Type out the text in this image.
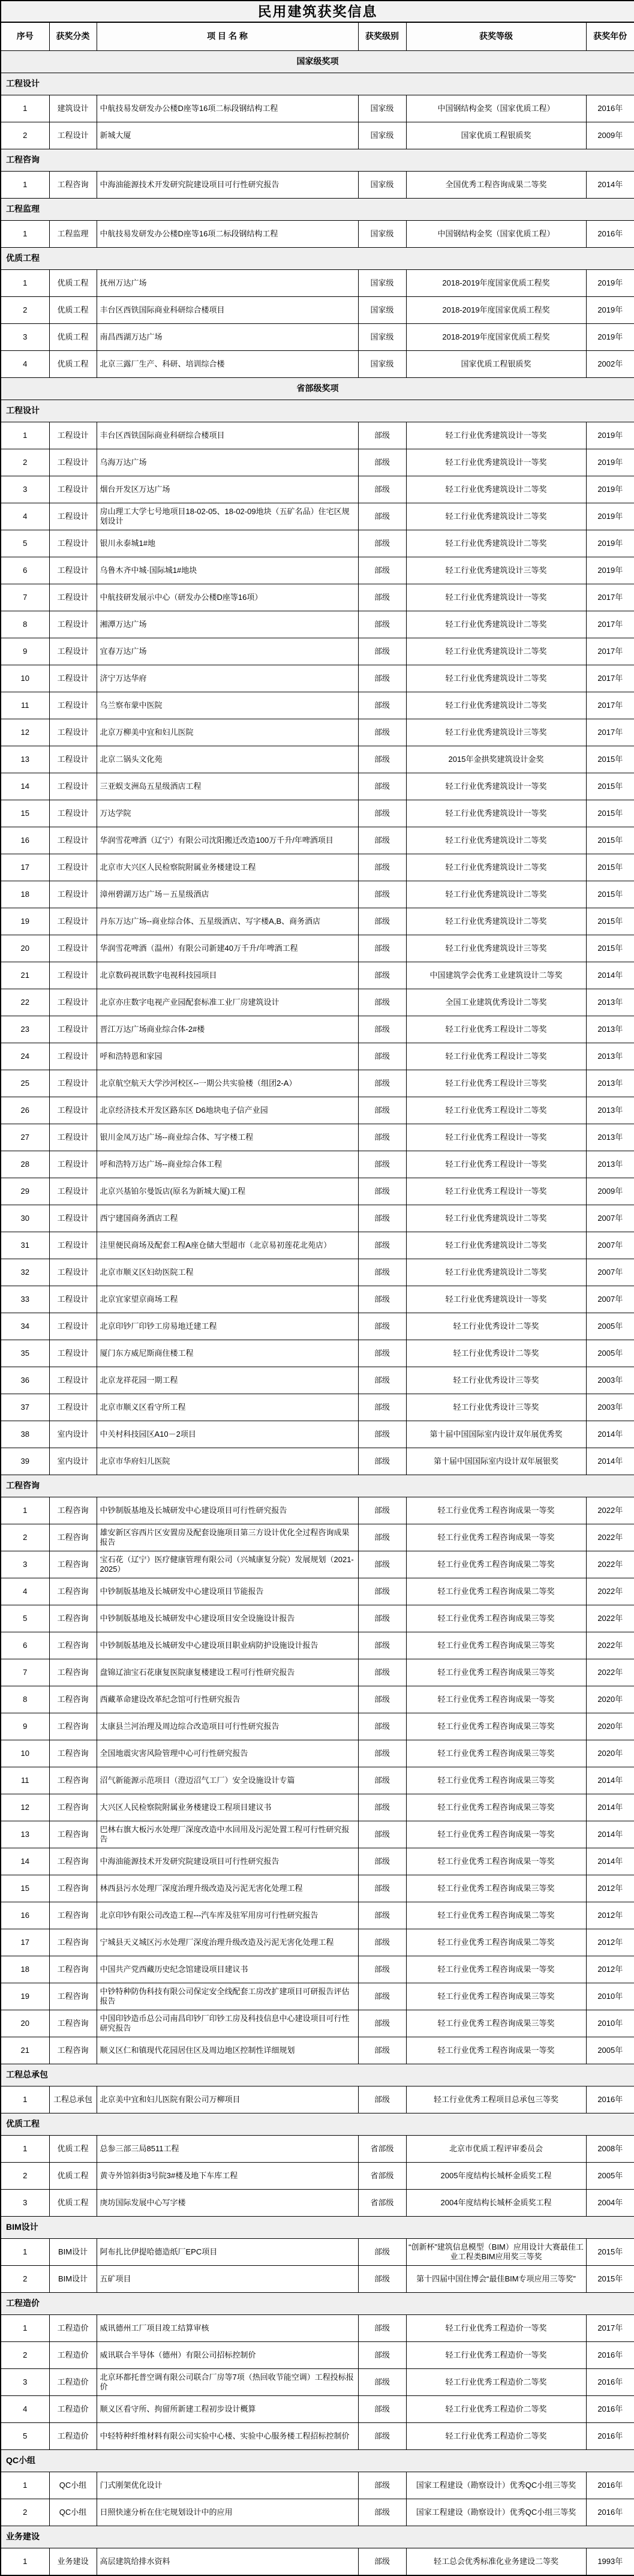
民用建筑获奖信息					
序号	获奖分类	项 目 名 称	获奖级别	获奖等级	获奖年份
国家级奖项					
工程设计					
1	建筑设计	中航技易发研发办公楼D座等16项二标段钢结构工程	国家级	中国钢结构金奖（国家优质工程）	2016年
2	工程设计	新城大厦	国家级	国家优质工程银质奖	2009年
工程咨询					
1	工程咨询	中海油能源技术开发研究院建设项目可行性研究报告	国家级	全国优秀工程咨询成果二等奖	2014年
工程监理					
1	工程监理	中航技易发研发办公楼D座等16项二标段钢结构工程	国家级	中国钢结构金奖（国家优质工程）	2016年
优质工程					
1	优质工程	抚州万达广场	国家级	2018-2019年度国家优质工程奖	2019年
2	优质工程	丰台区西铁国际商业科研综合楼项目	国家级	2018-2019年度国家优质工程奖	2019年
3	优质工程	南昌西湖万达广场	国家级	2018-2019年度国家优质工程奖	2019年
4	优质工程	北京三露厂生产、科研、培训综合楼	国家级	国家优质工程银质奖	2002年
省部级奖项					
工程设计					
1	工程设计	丰台区西铁国际商业科研综合楼项目	部级	轻工行业优秀建筑设计一等奖	2019年
2	工程设计	乌海万达广场	部级	轻工行业优秀建筑设计一等奖	2019年
3	工程设计	烟台开发区万达广场	部级	轻工行业优秀建筑设计二等奖	2019年
4	工程设计	房山理工大学七号地项目18-02-05、18-02-09地块（五矿名品）住宅区规划设计	部级	轻工行业优秀建筑设计二等奖	2019年
5	工程设计	银川永泰城1#地	部级	轻工行业优秀建筑设计二等奖	2019年
6	工程设计	乌鲁木齐中城·国际城1#地块	部级	轻工行业优秀建筑设计三等奖	2019年
7	工程设计	中航技研发展示中心（研发办公楼D座等16项）	部级	轻工行业优秀建筑设计一等奖	2017年
8	工程设计	湘潭万达广场	部级	轻工行业优秀建筑设计二等奖	2017年
9	工程设计	宜春万达广场	部级	轻工行业优秀建筑设计二等奖	2017年
10	工程设计	济宁万达华府	部级	轻工行业优秀建筑设计二等奖	2017年
11	工程设计	乌兰察布蒙中医院	部级	轻工行业优秀建筑设计二等奖	2017年
12	工程设计	北京万柳美中宜和妇儿医院	部级	轻工行业优秀建筑设计三等奖	2017年
13	工程设计	北京二锅头文化苑	部级	2015年金拱奖建筑设计金奖	2015年
14	工程设计	三亚蜈支洲岛五星级酒店工程	部级	轻工行业优秀建筑设计一等奖	2015年
15	工程设计	万达学院	部级	轻工行业优秀建筑设计一等奖	2015年
16	工程设计	华润雪花啤酒（辽宁）有限公司沈阳搬迁改造100万千升/年啤酒项目	部级	轻工行业优秀建筑设计二等奖	2015年
17	工程设计	北京市大兴区人民检察院附属业务楼建设工程	部级	轻工行业优秀建筑设计二等奖	2015年
18	工程设计	漳州碧湖万达广场－五星级酒店	部级	轻工行业优秀建筑设计二等奖	2015年
19	工程设计	丹东万达广场--商业综合体、五星级酒店、写字楼A,B、商务酒店	部级	轻工行业优秀建筑设计二等奖	2015年
20	工程设计	华润雪花啤酒（温州）有限公司新建40万千升/年啤酒工程	部级	轻工行业优秀建筑设计三等奖	2015年
21	工程设计	北京数码视讯数字电视科技园项目	部级	中国建筑学会优秀工业建筑设计二等奖	2014年
22	工程设计	北京亦庄数字电视产业园配套标准工业厂房建筑设计	部级	全国工业建筑优秀设计二等奖	2013年
23	工程设计	晋江万达广场商业综合体-2#楼	部级	轻工行业优秀工程设计二等奖	2013年
24	工程设计	呼和浩特恩和家园	部级	轻工行业优秀工程设计二等奖	2013年
25	工程设计	北京航空航天大学沙河校区--一期公共实验楼（组团2-A）	部级	轻工行业优秀工程设计三等奖	2013年
26	工程设计	北京经济技术开发区路东区 D6地块电子信产业园	部级	轻工行业优秀工程设计二等奖	2013年
27	工程设计	银川金凤万达广场--商业综合体、写字楼工程	部级	轻工行业优秀工程设计一等奖	2013年
28	工程设计	呼和浩特万达广场--商业综合体工程	部级	轻工行业优秀工程设计一等奖	2013年
29	工程设计	北京兴基铂尔曼饭店(原名为新城大厦)工程	部级	轻工行业优秀工程设计一等奖	2009年
30	工程设计	西宁建国商务酒店工程	部级	轻工行业优秀建筑设计二等奖	2007年
31	工程设计	洼里便民商场及配套工程A座仓储大型超市（北京易初莲花北苑店）	部级	轻工行业优秀建筑设计二等奖	2007年
32	工程设计	北京市顺义区妇幼医院工程	部级	轻工行业优秀建筑设计二等奖	2007年
33	工程设计	北京宜家望京商场工程	部级	轻工行业优秀建筑设计一等奖	2007年
34	工程设计	北京印钞厂印钞工房易地迁建工程	部级	轻工行业优秀设计二等奖	2005年
35	工程设计	厦门东方威尼斯商住楼工程	部级	轻工行业优秀设计二等奖	2005年
36	工程设计	北京龙祥花园一期工程	部级	轻工行业优秀设计三等奖	2003年
37	工程设计	北京市顺义区看守所工程	部级	轻工行业优秀设计三等奖	2003年
38	室内设计	中关村科技园区A10－2项目	部级	第十届中国国际室内设计双年展优秀奖	2014年
39	室内设计	北京市华府妇儿医院	部级	第十届中国国际室内设计双年展银奖	2014年
工程咨询					
1	工程咨询	中钞制版基地及长城研发中心建设项目可行性研究报告	部级	轻工行业优秀工程咨询成果一等奖	2022年
2	工程咨询	雄安新区容西片区安置房及配套设施项目第三方设计优化全过程咨询成果报告	部级	轻工行业优秀工程咨询成果一等奖	2022年
3	工程咨询	宝石花（辽宁）医疗健康管理有限公司（兴城康复分院）发展规划（2021-2025）	部级	轻工行业优秀工程咨询成果二等奖	2022年
4	工程咨询	中钞制版基地及长城研发中心建设项目节能报告	部级	轻工行业优秀工程咨询成果二等奖	2022年
5	工程咨询	中钞制版基地及长城研发中心建设项目安全设施设计报告	部级	轻工行业优秀工程咨询成果三等奖	2022年
6	工程咨询	中钞制版基地及长城研发中心建设项目职业病防护设施设计报告	部级	轻工行业优秀工程咨询成果三等奖	2022年
7	工程咨询	盘锦辽油宝石花康复医院康复楼建设工程可行性研究报告	部级	轻工行业优秀工程咨询成果三等奖	2022年
8	工程咨询	西藏革命建设改革纪念馆可行性研究报告	部级	轻工行业优秀工程咨询成果一等奖	2020年
9	工程咨询	太康县兰河治理及周边综合改造项目可行性研究报告	部级	轻工行业优秀工程咨询成果三等奖	2020年
10	工程咨询	全国地震灾害风险管理中心可行性研究报告	部级	轻工行业优秀工程咨询成果三等奖	2020年
11	工程咨询	沼气新能源示范项目（澄迈沼气工厂）安全设施设计专篇	部级	轻工行业优秀工程咨询成果三等奖	2014年
12	工程咨询	大兴区人民检察院附属业务楼建设工程项目建议书	部级	轻工行业优秀工程咨询成果三等奖	2014年
13	工程咨询	巴林右旗大板污水处理厂深度改造中水回用及污泥处置工程可行性研究报告	部级	轻工行业优秀工程咨询成果一等奖	2014年
14	工程咨询	中海油能源技术开发研究院建设项目可行性研究报告	部级	轻工行业优秀工程咨询成果一等奖	2014年
15	工程咨询	林西县污水处理厂深度治理升级改造及污泥无害化处理工程	部级	轻工行业优秀工程咨询成果三等奖	2012年
16	工程咨询	北京印钞有限公司改造工程---汽车库及驻军用房可行性研究报告	部级	轻工行业优秀工程咨询成果二等奖	2012年
17	工程咨询	宁城县天义城区污水处理厂深度治理升级改造及污泥无害化处理工程	部级	轻工行业优秀工程咨询成果二等奖	2012年
18	工程咨询	中国共产党西藏历史纪念馆建设项目建议书	部级	轻工行业优秀工程咨询成果一等奖	2012年
19	工程咨询	中钞特种防伪科技有限公司保定安全线配套工房改扩建项目可研报告评估报告	部级	轻工行业优秀工程咨询成果三等奖	2010年
20	工程咨询	中国印钞造币总公司南昌印钞厂印钞工房及科技信息中心建设项目可行性研究报告	部级	轻工行业优秀工程咨询成果三等奖	2010年
21	工程咨询	顺义区仁和镇现代花园居住区及周边地区控制性详细规划	部级	轻工行业优秀工程咨询成果一等奖	2005年
工程总承包					
1	工程总承包	北京美中宜和妇儿医院有限公司万柳项目	部级	轻工行业优秀工程项目总承包三等奖	2016年
优质工程					
1	优质工程	总参三部三局8511工程	省部级	北京市优质工程评审委员会	2008年
2	优质工程	黄寺外馆斜街3号院3#楼及地下车库工程	省部级	2005年度结构长城杯金质奖工程	2005年
3	优质工程	庚坊国际发展中心写字楼	省部级	2004年度结构长城杯金质奖工程	2004年
BIM设计					
1	BIM设计	阿布扎比伊提哈德造纸厂EPC项目	部级	“创新杯”建筑信息模型（BIM）应用设计大赛最佳工业工程类BIM应用奖三等奖	2015年
2	BIM设计	五矿项目	部级	第十四届中国住博会“最佳BIM专项应用三等奖”	2015年
工程造价					
1	工程造价	威讯德州工厂项目竣工结算审核	部级	轻工行业优秀工程造价一等奖	2017年
2	工程造价	威讯联合半导体（德州）有限公司招标控制价	部级	轻工行业优秀工程造价一等奖	2016年
3	工程造价	北京环都托普空调有限公司联合厂房等7项（热回收节能空调）工程投标报价	部级	轻工行业优秀工程造价二等奖	2016年
4	工程造价	顺义区看守所、拘留所新建工程初步设计概算	部级	轻工行业优秀工程造价二等奖	2016年
5	工程造价	中轻特种纤维材料有限公司实验中心楼、实验中心服务楼工程招标控制价	部级	轻工行业优秀工程造价二等奖	2016年
QC小组					
1	QC小组	门式刚架优化设计	部级	国家工程建设（勘察设计）优秀QC小组三等奖	2016年
2	QC小组	日照快速分析在住宅规划设计中的应用	部级	国家工程建设（勘察设计）优秀QC小组三等奖	2016年
业务建设					
1	业务建设	高层建筑给排水资料	部级	轻工总会优秀标准化业务建设二等奖	1993年
